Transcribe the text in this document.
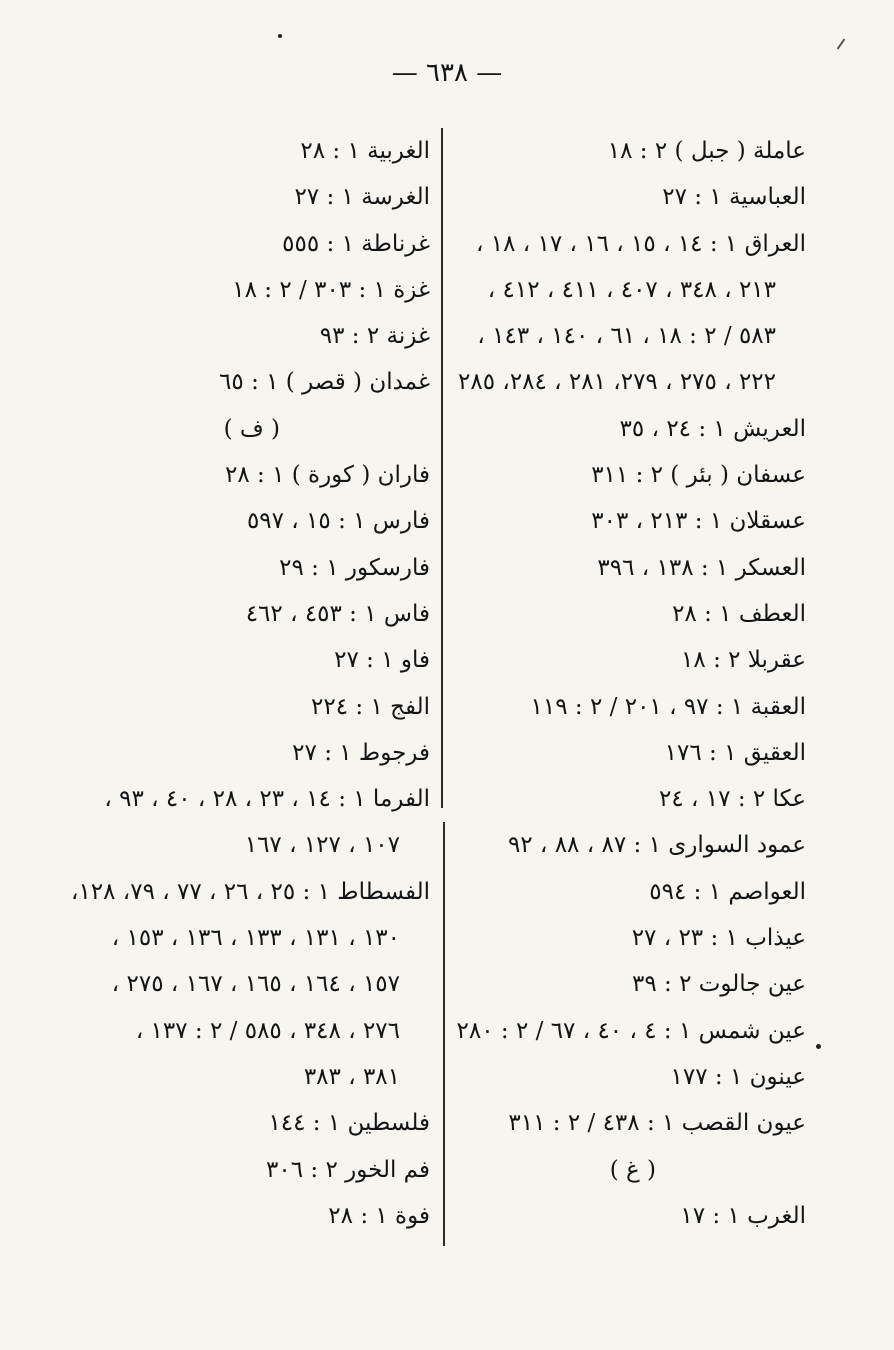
— ٦٣٨ —
عاملة ( جبل ) ٢ : ١٨
العباسية ١ : ٢٧
العراق ١ : ١٤ ، ١٥ ، ١٦ ، ١٧ ، ١٨ ،
٢١٣ ، ٣٤٨ ، ٤٠٧ ، ٤١١ ، ٤١٢ ،
٥٨٣ / ٢ : ١٨ ، ٦١ ، ١٤٠ ، ١٤٣ ،
٢٢٢ ، ٢٧٥ ، ٢٧٩، ٢٨١ ، ٢٨٤، ٢٨٥
العريش ١ : ٢٤ ، ٣٥
عسفان ( بئر ) ٢ : ٣١١
عسقلان ١ : ٢١٣ ، ٣٠٣
العسكر ١ : ١٣٨ ، ٣٩٦
العطف ١ : ٢٨
عقربلا ٢ : ١٨
العقبة ١ : ٩٧ ، ٢٠١ / ٢ : ١١٩
العقيق ١ : ١٧٦
عكا ٢ : ١٧ ، ٢٤
عمود السوارى ١ : ٨٧ ، ٨٨ ، ٩٢
العواصم ١ : ٥٩٤
عيذاب ١ : ٢٣ ، ٢٧
عين جالوت ٢ : ٣٩
عين شمس ١ : ٤ ، ٤٠ ، ٦٧ / ٢ : ٢٨٠
عينون ١ : ١٧٧
عيون القصب ١ : ٤٣٨ / ٢ : ٣١١
( غ )
الغرب ١ : ١٧
الغربية ١ : ٢٨
الغرسة ١ : ٢٧
غرناطة ١ : ٥٥٥
غزة ١ : ٣٠٣ / ٢ : ١٨
غزنة ٢ : ٩٣
غمدان ( قصر ) ١ : ٦٥
( ف )
فاران ( كورة ) ١ : ٢٨
فارس ١ : ١٥ ، ٥٩٧
فارسكور ١ : ٢٩
فاس ١ : ٤٥٣ ، ٤٦٢
فاو ١ : ٢٧
الفج ١ : ٢٢٤
فرجوط ١ : ٢٧
الفرما ١ : ١٤ ، ٢٣ ، ٢٨ ، ٤٠ ، ٩٣ ،
١٠٧ ، ١٢٧ ، ١٦٧
الفسطاط ١ : ٢٥ ، ٢٦ ، ٧٧ ، ٧٩، ١٢٨،
١٣٠ ، ١٣١ ، ١٣٣ ، ١٣٦ ، ١٥٣ ،
١٥٧ ، ١٦٤ ، ١٦٥ ، ١٦٧ ، ٢٧٥ ،
٢٧٦ ، ٣٤٨ ، ٥٨٥ / ٢ : ١٣٧ ،
٣٨١ ، ٣٨٣
فلسطين ١ : ١٤٤
فم الخور ٢ : ٣٠٦
فوة ١ : ٢٨
